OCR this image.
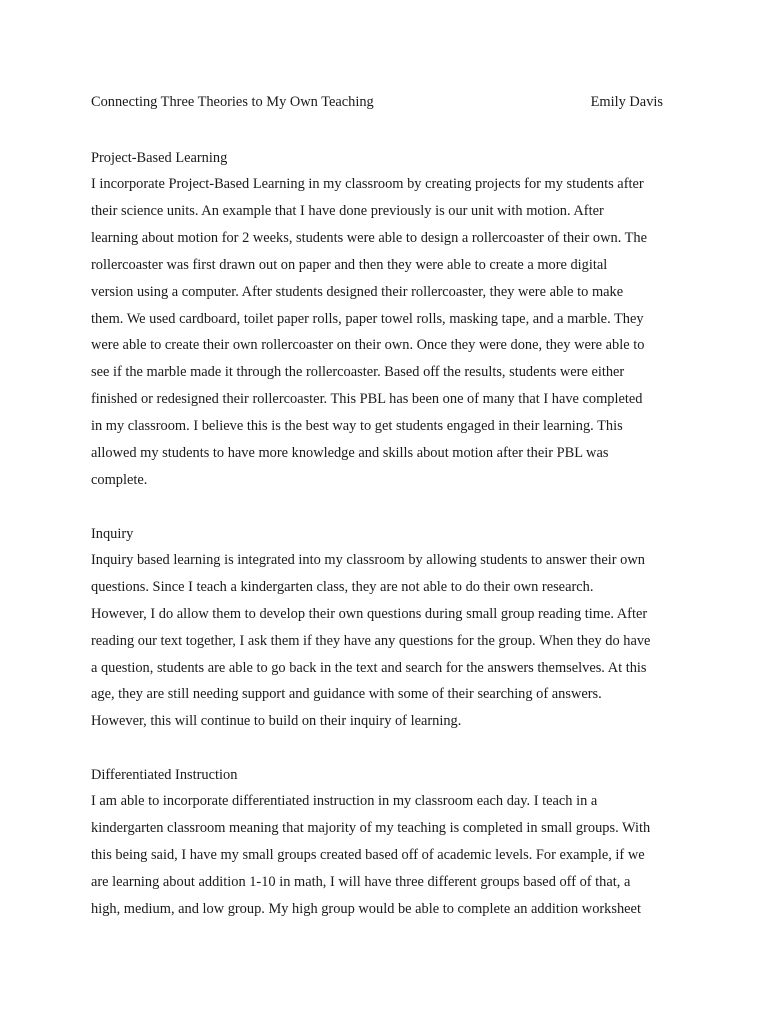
Connecting Three Theories to My Own Teaching	Emily Davis
Project-Based Learning
I incorporate Project-Based Learning in my classroom by creating projects for my students after
their science units. An example that I have done previously is our unit with motion. After
learning about motion for 2 weeks, students were able to design a rollercoaster of their own. The
rollercoaster was first drawn out on paper and then they were able to create a more digital
version using a computer. After students designed their rollercoaster, they were able to make
them. We used cardboard, toilet paper rolls, paper towel rolls, masking tape, and a marble. They
were able to create their own rollercoaster on their own. Once they were done, they were able to
see if the marble made it through the rollercoaster. Based off the results, students were either
finished or redesigned their rollercoaster. This PBL has been one of many that I have completed
in my classroom. I believe this is the best way to get students engaged in their learning. This
allowed my students to have more knowledge and skills about motion after their PBL was
complete.
Inquiry
Inquiry based learning is integrated into my classroom by allowing students to answer their own
questions. Since I teach a kindergarten class, they are not able to do their own research.
However, I do allow them to develop their own questions during small group reading time. After
reading our text together, I ask them if they have any questions for the group. When they do have
a question, students are able to go back in the text and search for the answers themselves. At this
age, they are still needing support and guidance with some of their searching of answers.
However, this will continue to build on their inquiry of learning.
Differentiated Instruction
I am able to incorporate differentiated instruction in my classroom each day. I teach in a
kindergarten classroom meaning that majority of my teaching is completed in small groups. With
this being said, I have my small groups created based off of academic levels. For example, if we
are learning about addition 1-10 in math, I will have three different groups based off of that, a
high, medium, and low group. My high group would be able to complete an addition worksheet
